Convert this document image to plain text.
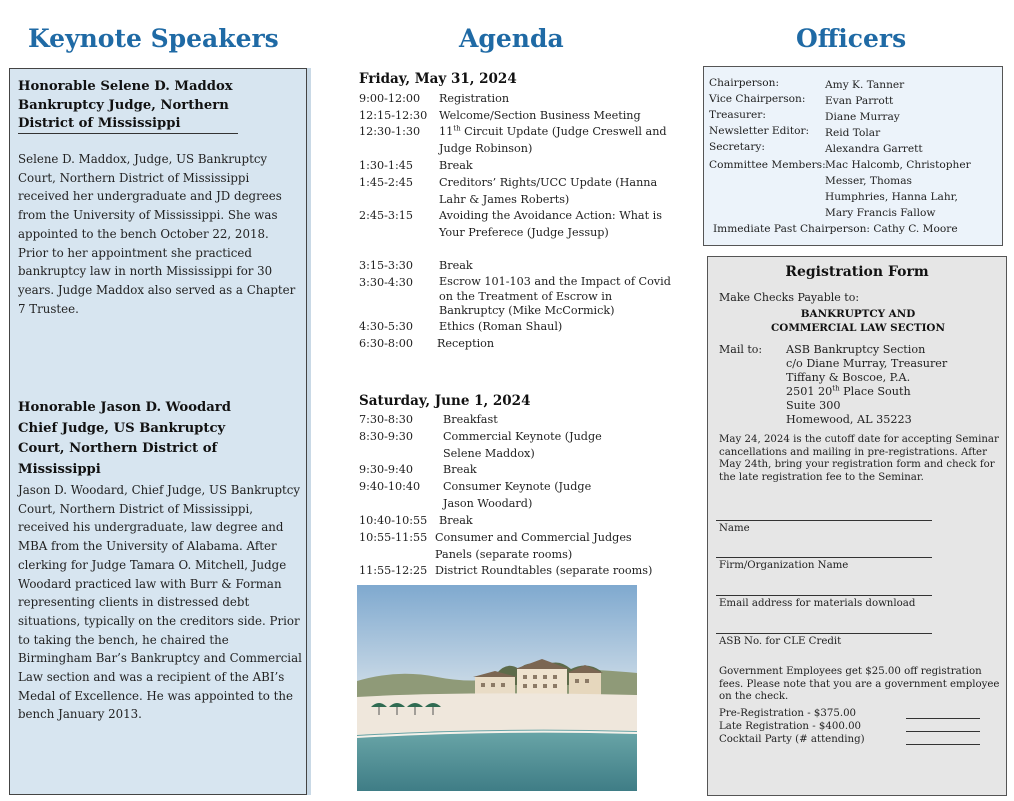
Keynote Speakers	Agenda	Officers
Honorable Selene D. Maddox
Bankruptcy Judge, Northern
District of Mississippi
Selene D. Maddox, Judge, US Bankruptcy Court, Northern District of Mississippi received her undergraduate and JD degrees from the University of Mississippi. She was appointed to the bench October 22, 2018. Prior to her appointment she practiced bankruptcy law in north Mississippi for 30 years. Judge Maddox also served as a Chapter 7 Trustee.
Honorable Jason D. Woodard
Chief Judge, US Bankruptcy
Court, Northern District of
Mississippi
Jason D. Woodard, Chief Judge, US Bankruptcy Court, Northern District of Mississippi, received his undergraduate, law degree and MBA from the University of Alabama. After clerking for Judge Tamara O. Mitchell, Judge Woodard practiced law with Burr & Forman representing clients in distressed debt situations, typically on the creditors side. Prior to taking the bench, he chaired the Birmingham Bar’s Bankruptcy and Commercial Law section and was a recipient of the ABI’s Medal of Excellence. He was appointed to the bench January 2013.
Friday, May 31, 2024
9:00-12:00 Registration
12:15-12:30 Welcome/Section Business Meeting
12:30-1:30 11th Circuit Update (Judge Creswell and Judge Robinson)
1:30-1:45 Break
1:45-2:45 Creditors’ Rights/UCC Update (Hanna Lahr & James Roberts)
2:45-3:15 Avoiding the Avoidance Action: What is Your Preferece (Judge Jessup)
3:15-3:30 Break
3:30-4:30 Escrow 101-103 and the Impact of Covid on the Treatment of Escrow in Bankruptcy (Mike McCormick)
4:30-5:30 Ethics (Roman Shaul)
6:30-8:00 Reception
Saturday, June 1, 2024
7:30-8:30	Breakfast
8:30-9:30	Commercial Keynote (Judge Selene Maddox)
9:30-9:40	Break
9:40-10:40 Consumer Keynote (Judge Jason Woodard)
10:40-10:55 Break
10:55-11:55 Consumer and Commercial Judges Panels (separate rooms)
11:55-12:25 District Roundtables (separate rooms)
Chairperson:	Amy K. Tanner
Vice Chairperson: Evan Parrott
Treasurer:	Diane Murray
Newsletter Editor: Reid Tolar
Secretary:	Alexandra Garrett
Committee Members: Mac Halcomb, Christopher
Messer, Thomas
Humphries, Hanna Lahr,
Mary Francis Fallow
Immediate Past Chairperson: Cathy C. Moore
Registration Form
Make Checks Payable to:
BANKRUPTCY AND
COMMERCIAL LAW SECTION
Mail to: ASB Bankruptcy Section
c/o Diane Murray, Treasurer
Tiffany & Boscoe, P.A.
2501 20th Place South
Suite 300
Homewood, AL 35223
May 24, 2024 is the cutoff date for accepting Seminar cancellations and mailing in pre-registrations. After May 24th, bring your registration form and check for the late registration fee to the Seminar.
Name
Firm/Organization Name
Email address for materials download
ASB No. for CLE Credit
Government Employees get $25.00 off registration fees. Please note that you are a government employee on the check.
Pre-Registration - $375.00
Late Registration - $400.00
Cocktail Party (# attending)
